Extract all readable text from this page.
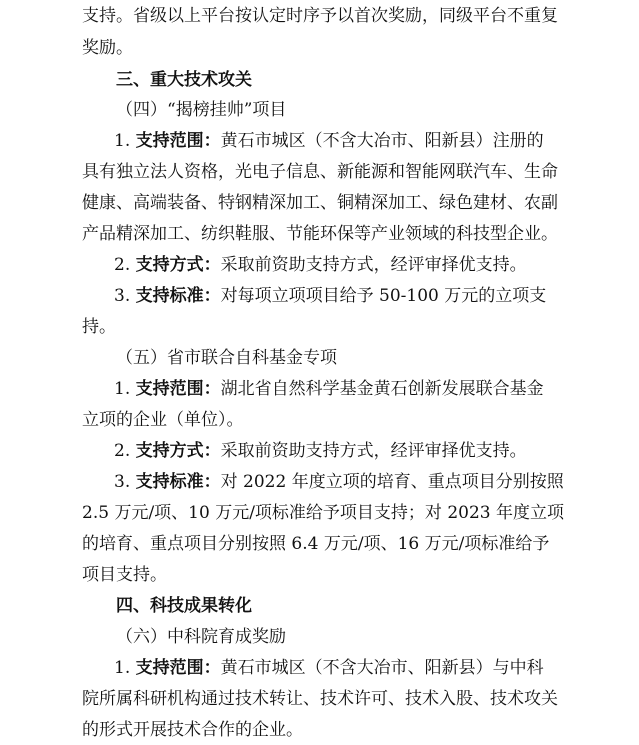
支持。省级以上平台按认定时序予以首次奖励，同级平台不重复
奖励。
三、重大技术攻关
（四）“揭榜挂帅”项目
1. 支持范围：黄石市城区（不含大冶市、阳新县）注册的
具有独立法人资格，光电子信息、新能源和智能网联汽车、生命
健康、高端装备、特钢精深加工、铜精深加工、绿色建材、农副
产品精深加工、纺织鞋服、节能环保等产业领域的科技型企业。
2. 支持方式：采取前资助支持方式，经评审择优支持。
3. 支持标准：对每项立项项目给予 50-100 万元的立项支
持。
（五）省市联合自科基金专项
1. 支持范围：湖北省自然科学基金黄石创新发展联合基金
立项的企业（单位）。
2. 支持方式：采取前资助支持方式，经评审择优支持。
3. 支持标准：对 2022 年度立项的培育、重点项目分别按照
2.5 万元/项、10 万元/项标准给予项目支持；对 2023 年度立项
的培育、重点项目分别按照 6.4 万元/项、16 万元/项标准给予
项目支持。
四、科技成果转化
（六）中科院育成奖励
1. 支持范围：黄石市城区（不含大冶市、阳新县）与中科
院所属科研机构通过技术转让、技术许可、技术入股、技术攻关
的形式开展技术合作的企业。
